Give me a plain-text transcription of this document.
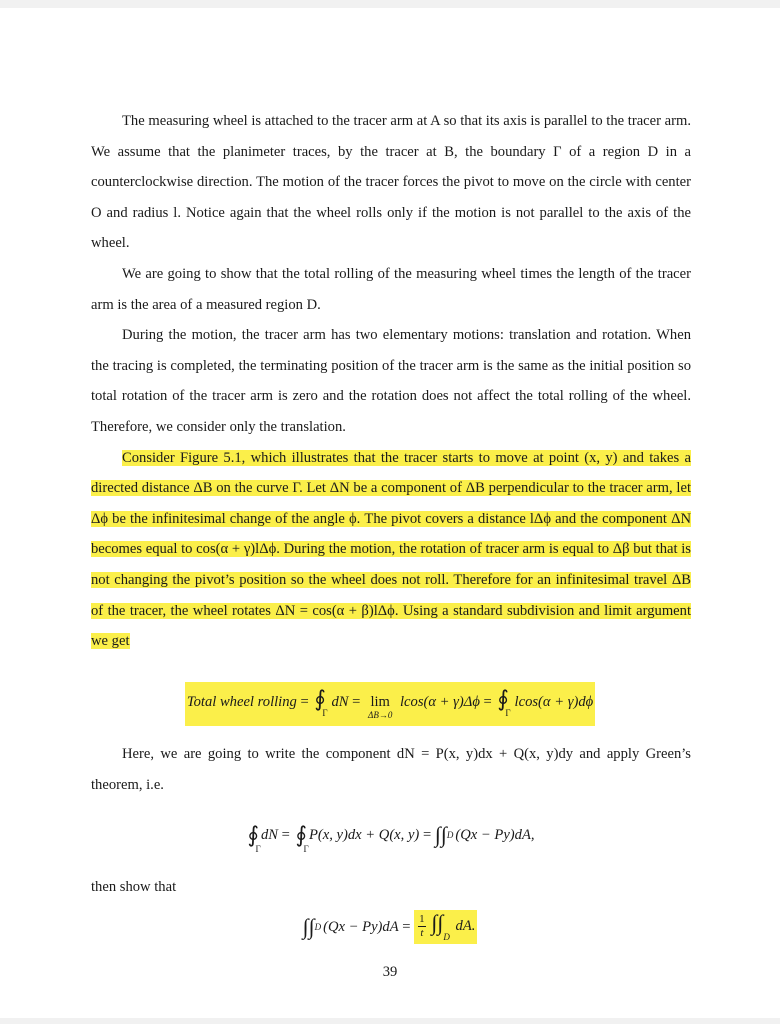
The measuring wheel is attached to the tracer arm at A so that its axis is parallel to the tracer arm. We assume that the planimeter traces, by the tracer at B, the boundary Γ of a region D in a counterclockwise direction. The motion of the tracer forces the pivot to move on the circle with center O and radius l. Notice again that the wheel rolls only if the motion is not parallel to the axis of the wheel.

We are going to show that the total rolling of the measuring wheel times the length of the tracer arm is the area of a measured region D.

During the motion, the tracer arm has two elementary motions: translation and rotation. When the tracing is completed, the terminating position of the tracer arm is the same as the initial position so total rotation of the tracer arm is zero and the rotation does not affect the total rolling of the wheel. Therefore, we consider only the translation.

Consider Figure 5.1, which illustrates that the tracer starts to move at point (x, y) and takes a directed distance ΔB on the curve Γ. Let ΔN be a component of ΔB perpendicular to the tracer arm, let Δϕ be the infinitesimal change of the angle ϕ. The pivot covers a distance lΔϕ and the component ΔN becomes equal to cos(α + γ)lΔϕ. During the motion, the rotation of tracer arm is equal to Δβ but that is not changing the pivot’s position so the wheel does not roll. Therefore for an infinitesimal travel ΔB of the tracer, the wheel rotates ΔN = cos(α + β)lΔϕ. Using a standard subdivision and limit argument we get

Total wheel rolling = ∮
Γ
dN = lim
ΔB→0
lcos(α + γ)Δϕ = ∮
Γ
lcos(α + γ)dϕ

Here, we are going to write the component dN = P(x, y)dx + Q(x, y)dy and apply Green’s theorem, i.e.

∮
Γ
dN = ∮
Γ
P(x, y)dx + Q(x, y) = ∫∫ D (Qx − Py)dA,
then show that
∫∫ D $(Qx - Py)dA = \frac{1}{t} \int\int_D$ dA.
39
